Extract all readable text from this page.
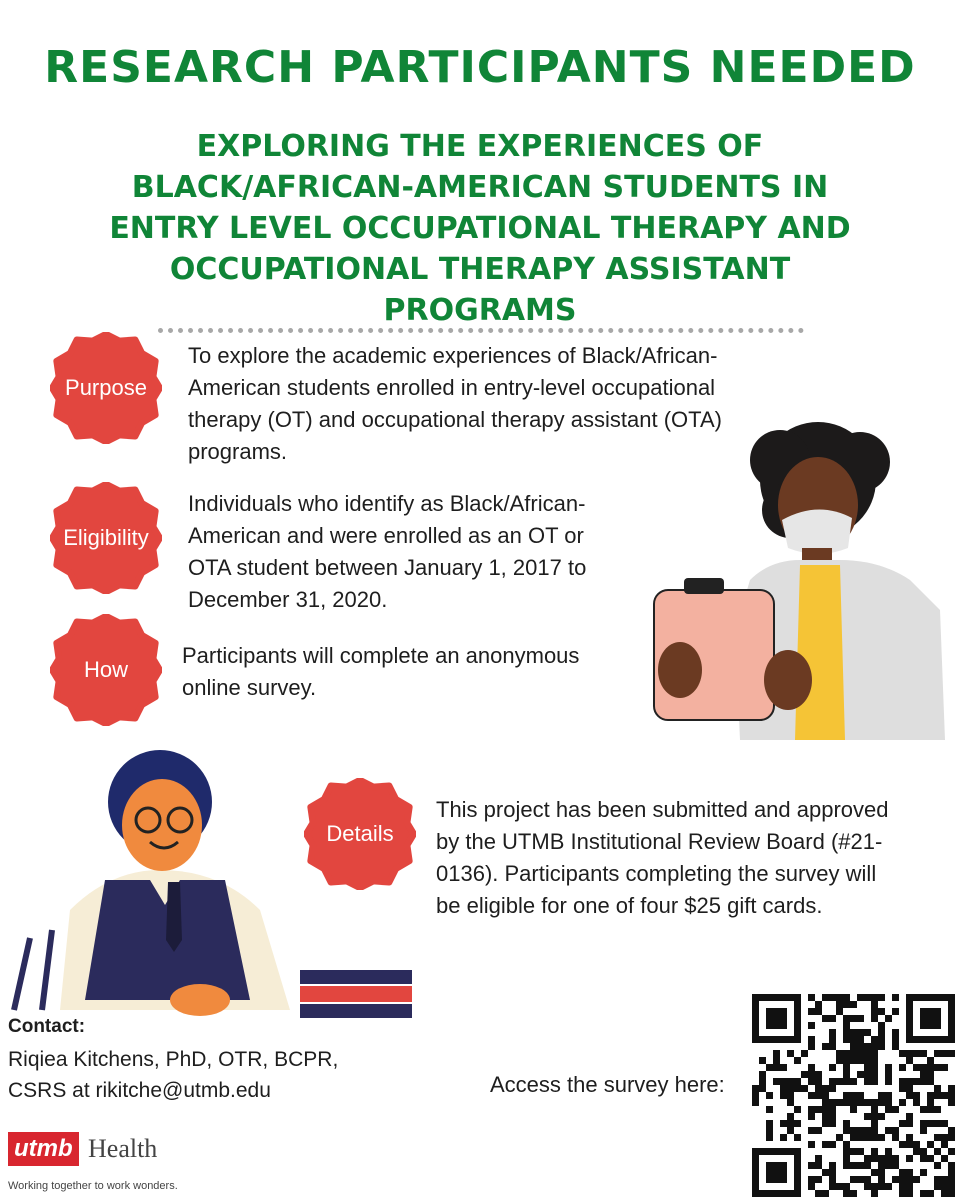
RESEARCH PARTICIPANTS NEEDED
EXPLORING THE EXPERIENCES OF
BLACK/AFRICAN-AMERICAN STUDENTS IN
ENTRY LEVEL OCCUPATIONAL THERAPY AND
OCCUPATIONAL THERAPY ASSISTANT
PROGRAMS
Purpose
To explore the academic experiences of Black/African-
American students enrolled in entry-level occupational
therapy (OT) and occupational therapy assistant (OTA)
programs.
Eligibility
Individuals who identify as Black/African-
American and were enrolled as an OT or
OTA student between January 1, 2017 to
December 31, 2020.
How
Participants will complete an anonymous
online survey.
Details
This project has been submitted and approved
by the UTMB Institutional Review Board (#21-
0136). Participants completing the survey will
be eligible for one of four $25 gift cards.
Contact:
Riqiea Kitchens, PhD, OTR, BCPR,
CSRS at rikitche@utmb.edu	Access the survey here:
utmb Health
Working together to work wonders.
